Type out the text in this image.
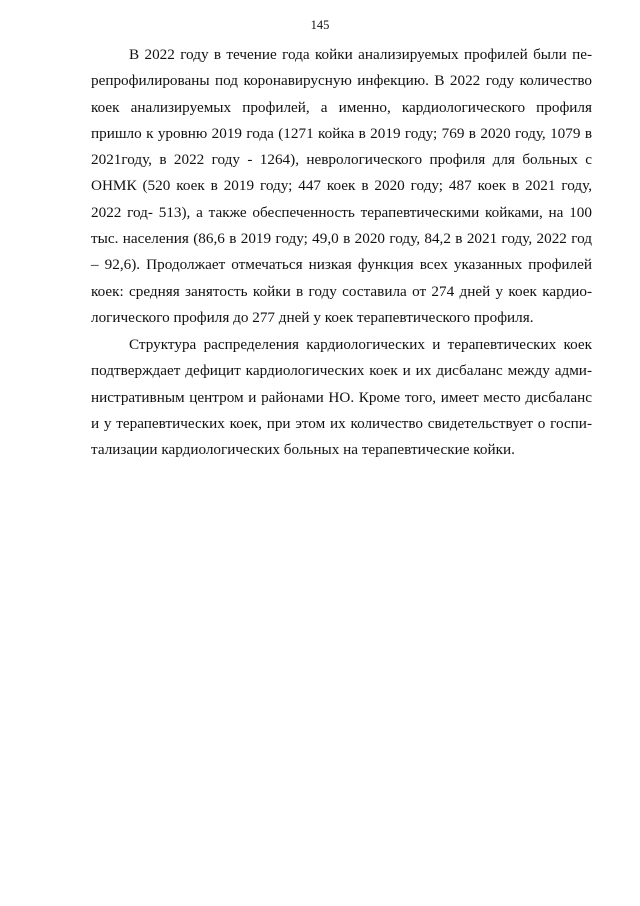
145
В 2022 году в течение года койки анализируемых профилей были пе-
репрофилированы под коронавирусную инфекцию. В 2022 году количество
коек анализируемых профилей, а именно, кардиологического профиля
пришло к уровню 2019 года (1271 койка в 2019 году; 769 в 2020 году, 1079 в
2021году, в 2022 году - 1264), неврологического профиля для больных с
ОНМК (520 коек в 2019 году; 447 коек в 2020 году; 487 коек в 2021 году,
2022 год- 513), а также обеспеченность терапевтическими койками, на 100
тыс. населения (86,6 в 2019 году; 49,0 в 2020 году, 84,2 в 2021 году, 2022 год
– 92,6). Продолжает отмечаться низкая функция всех указанных профилей
коек: средняя занятость койки в году составила от 274 дней у коек кардио-
логического профиля до 277 дней у коек терапевтического профиля.
Структура распределения кардиологических и терапевтических коек
подтверждает дефицит кардиологических коек и их дисбаланс между адми-
нистративным центром и районами НО. Кроме того, имеет место дисбаланс
и у терапевтических коек, при этом их количество свидетельствует о госпи-
тализации кардиологических больных на терапевтические койки.
